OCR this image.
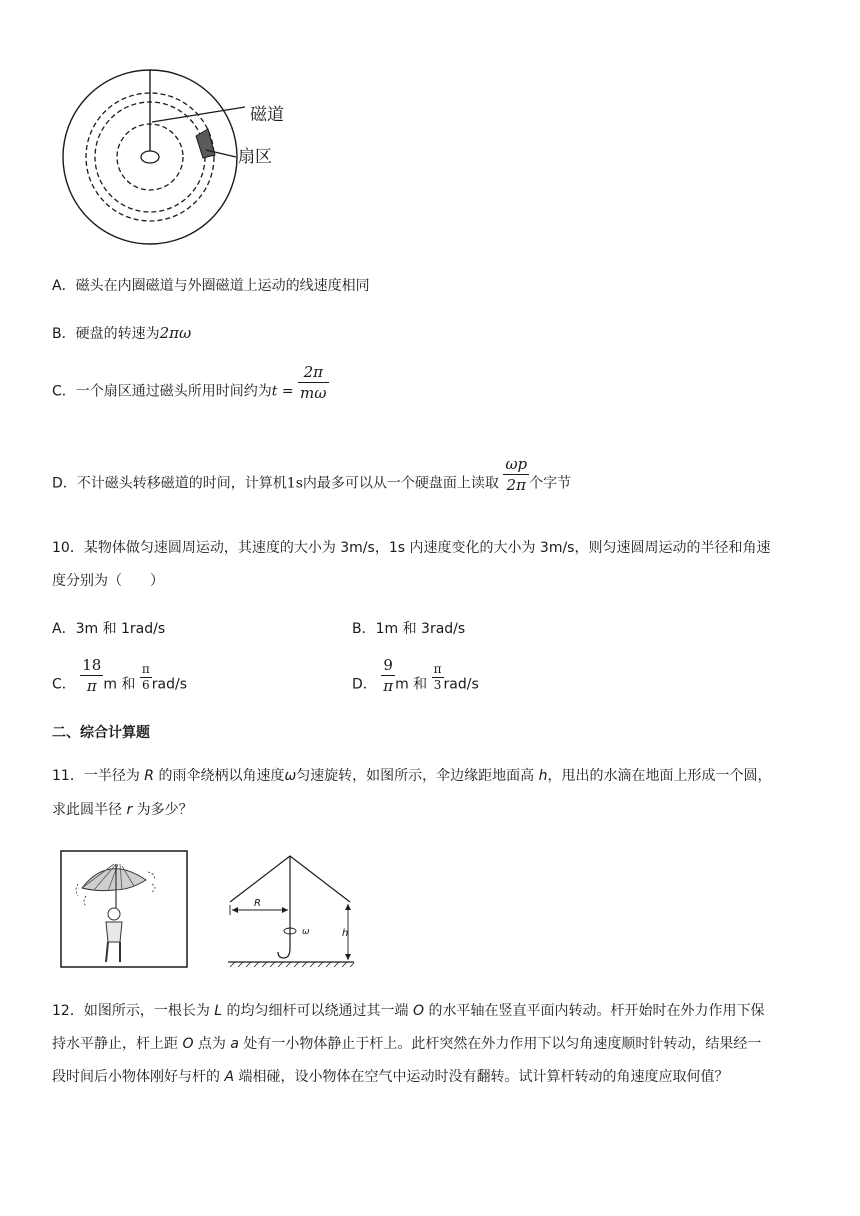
磁道
扇区
A．磁头在内圈磁道与外圈磁道上运动的线速度相同
B．硬盘的转速为2πω
C．一个扇区通过磁头所用时间约为$t = \frac{2\pi}{m\omega}$
D．不计磁头转移磁道的时间，计算机1s内最多可以从一个硬盘面上读取 $\frac{\omega p}{2\pi}$ 个字节
10．某物体做匀速圆周运动，其速度的大小为 3m/s，1s 内速度变化的大小为 3m/s，则匀速圆周运动的半径和角速
度分别为（　　）
A．3m 和 1rad/s	B．1m 和 3rad/s
C． $\frac{18}{\pi}$ m 和 $\frac{\pi}{6} rad/s$	D． $\frac{9}{\pi}$ m 和 $\frac{\pi}{3} rad/s$
二、综合计算题
11．一半径为 R 的雨伞绕柄以角速度ω匀速旋转，如图所示，伞边缘距地面高 h，甩出的水滴在地面上形成一个圆，
求此圆半径 r 为多少？
R
ω	h
12．如图所示，一根长为 L 的均匀细杆可以绕通过其一端 O 的水平轴在竖直平面内转动。杆开始时在外力作用下保
持水平静止，杆上距 O 点为 a 处有一小物体静止于杆上。此杆突然在外力作用下以匀角速度顺时针转动，结果经一
段时间后小物体刚好与杆的 A 端相碰，设小物体在空气中运动时没有翻转。试计算杆转动的角速度应取何值？
